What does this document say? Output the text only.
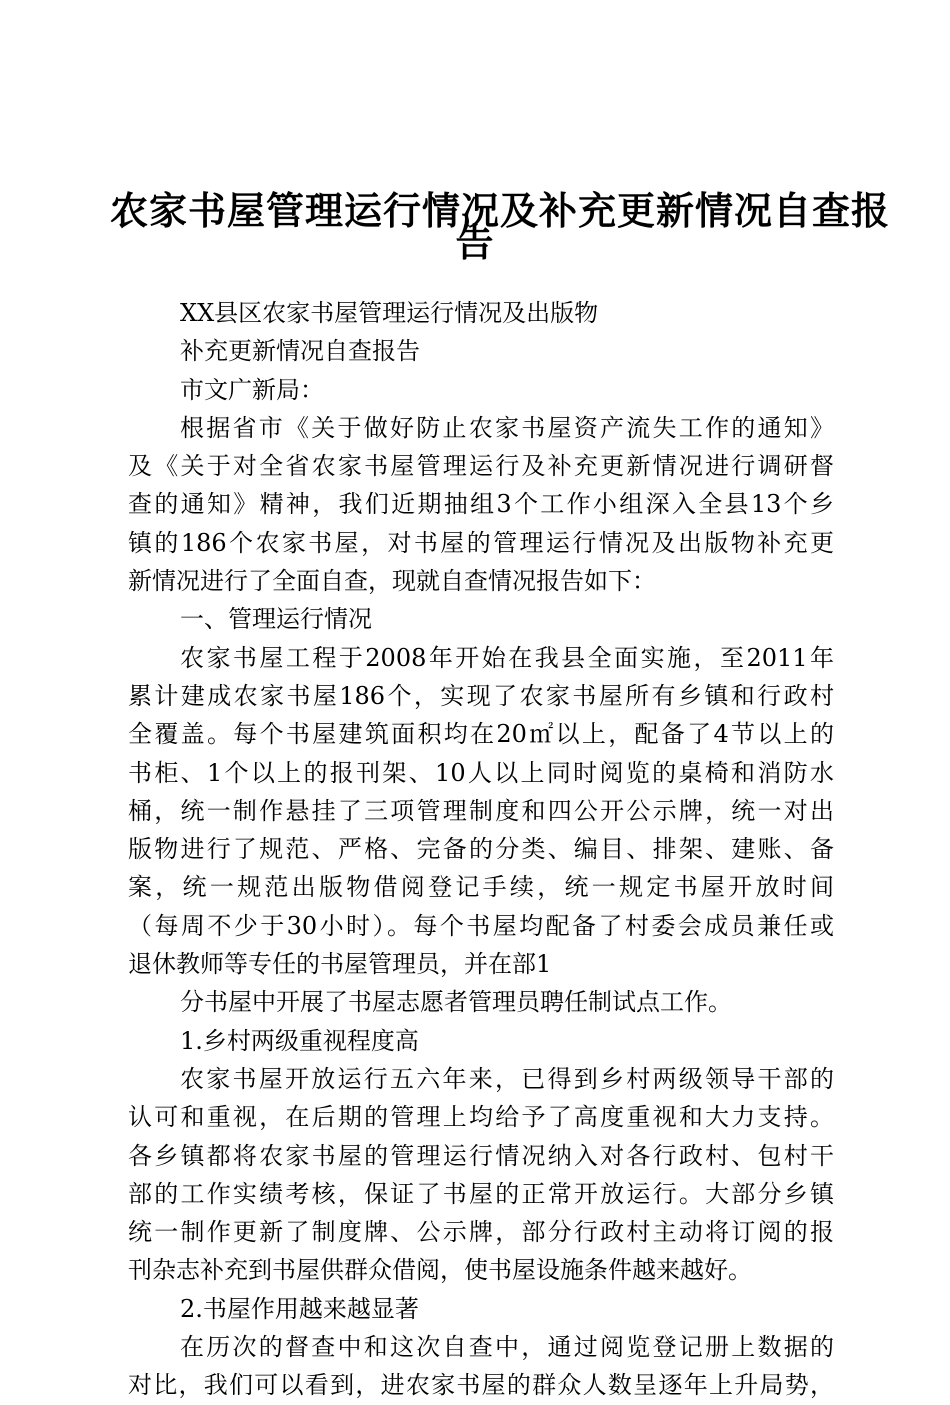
农家书屋管理运行情况及补充更新情况自查报
告
XX县区农家书屋管理运行情况及出版物
补充更新情况自查报告
市文广新局：
根据省市《关于做好防止农家书屋资产流失工作的通知》
及《关于对全省农家书屋管理运行及补充更新情况进行调研督
查的通知》精神，我们近期抽组3个工作小组深入全县13个乡
镇的186个农家书屋，对书屋的管理运行情况及出版物补充更
新情况进行了全面自查，现就自查情况报告如下：
一、管理运行情况
农家书屋工程于2008年开始在我县全面实施，至2011年
累计建成农家书屋186个，实现了农家书屋所有乡镇和行政村
全覆盖。每个书屋建筑面积均在20㎡以上，配备了4节以上的
书柜、1个以上的报刊架、10人以上同时阅览的桌椅和消防水
桶，统一制作悬挂了三项管理制度和四公开公示牌，统一对出
版物进行了规范、严格、完备的分类、编目、排架、建账、备
案，统一规范出版物借阅登记手续，统一规定书屋开放时间
（每周不少于30小时）。每个书屋均配备了村委会成员兼任或
退休教师等专任的书屋管理员，并在部1
分书屋中开展了书屋志愿者管理员聘任制试点工作。
1.乡村两级重视程度高
农家书屋开放运行五六年来，已得到乡村两级领导干部的
认可和重视，在后期的管理上均给予了高度重视和大力支持。
各乡镇都将农家书屋的管理运行情况纳入对各行政村、包村干
部的工作实绩考核，保证了书屋的正常开放运行。大部分乡镇
统一制作更新了制度牌、公示牌，部分行政村主动将订阅的报
刊杂志补充到书屋供群众借阅，使书屋设施条件越来越好。
2.书屋作用越来越显著
在历次的督查中和这次自查中，通过阅览登记册上数据的
对比，我们可以看到，进农家书屋的群众人数呈逐年上升局势，
